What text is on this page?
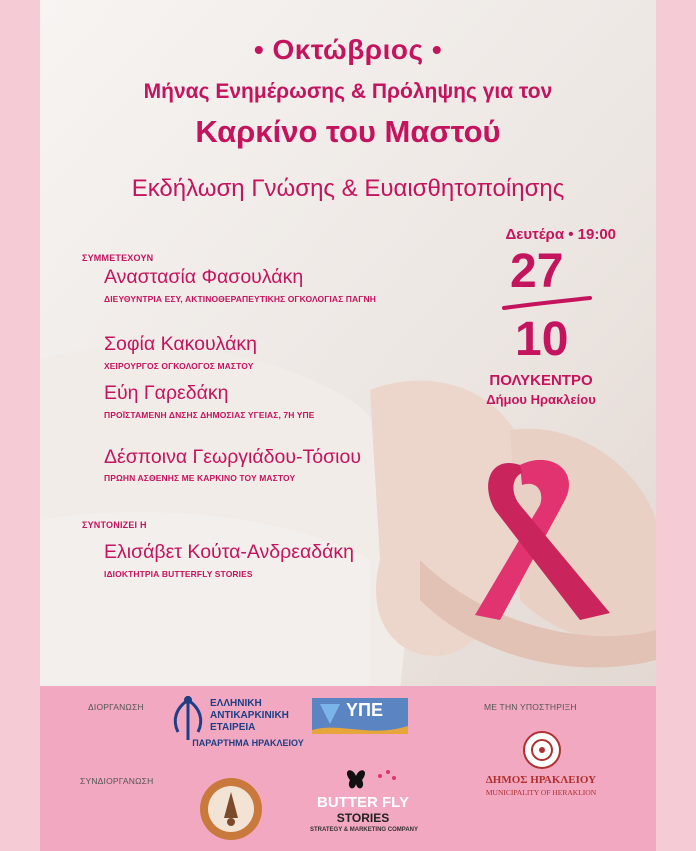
• Οκτώβριος •
Μήνας Ενημέρωσης & Πρόληψης για τον
Καρκίνο του Μαστού
Εκδήλωση Γνώσης & Ευαισθητοποίησης
ΣΥΜΜΕΤΕΧΟΥΝ
Αναστασία Φασουλάκη
ΔΙΕΥΘΥΝΤΡΙΑ ΕΣΥ, ΑΚΤΙΝΟΘΕΡΑΠΕΥΤΙΚΗΣ ΟΓΚΟΛΟΓΙΑΣ ΠΑΓΝΗ
Σοφία Κακουλάκη
ΧΕΙΡΟΥΡΓΟΣ ΟΓΚΟΛΟΓΟΣ ΜΑΣΤΟΥ
Εύη Γαρεδάκη
ΠΡΟΪΣΤΑΜΕΝΗ ΔΝΣΗΣ ΔΗΜΟΣΙΑΣ ΥΓΕΙΑΣ, 7Η ΥΠΕ
Δέσποινα Γεωργιάδου-Τόσιου
ΠΡΩΗΝ ΑΣΘΕΝΗΣ ΜΕ ΚΑΡΚΙΝΟ ΤΟΥ ΜΑΣΤΟΥ
ΣΥΝΤΟΝΙΖΕΙ Η
Ελισάβετ Κούτα-Ανδρεαδάκη
ΙΔΙΟΚΤΗΤΡΙΑ BUTTERFLY STORIES
Δευτέρα • 19:00
27
10
ΠΟΛΥΚΕΝΤΡΟ
Δήμου Ηρακλείου
ΔΙΟΡΓΑΝΩΣΗ
ΣΥΝΔΙΟΡΓΑΝΩΣΗ
ΜΕ ΤΗΝ ΥΠΟΣΤΗΡΙΞΗ
ΕΛΛΗΝΙΚΗ
ΑΝΤΙΚΑΡΚΙΝΙΚΗ
ΕΤΑΙΡΕΙΑ
ΠΑΡΑΡΤΗΜΑ ΗΡΑΚΛΕΙΟΥ
ΥΠΕ
BUTTER FLY
STORIES
STRATEGY & MARKETING COMPANY
ΔΗΜΟΣ ΗΡΑΚΛΕΙΟΥ
MUNICIPALITY OF HERAKLION
